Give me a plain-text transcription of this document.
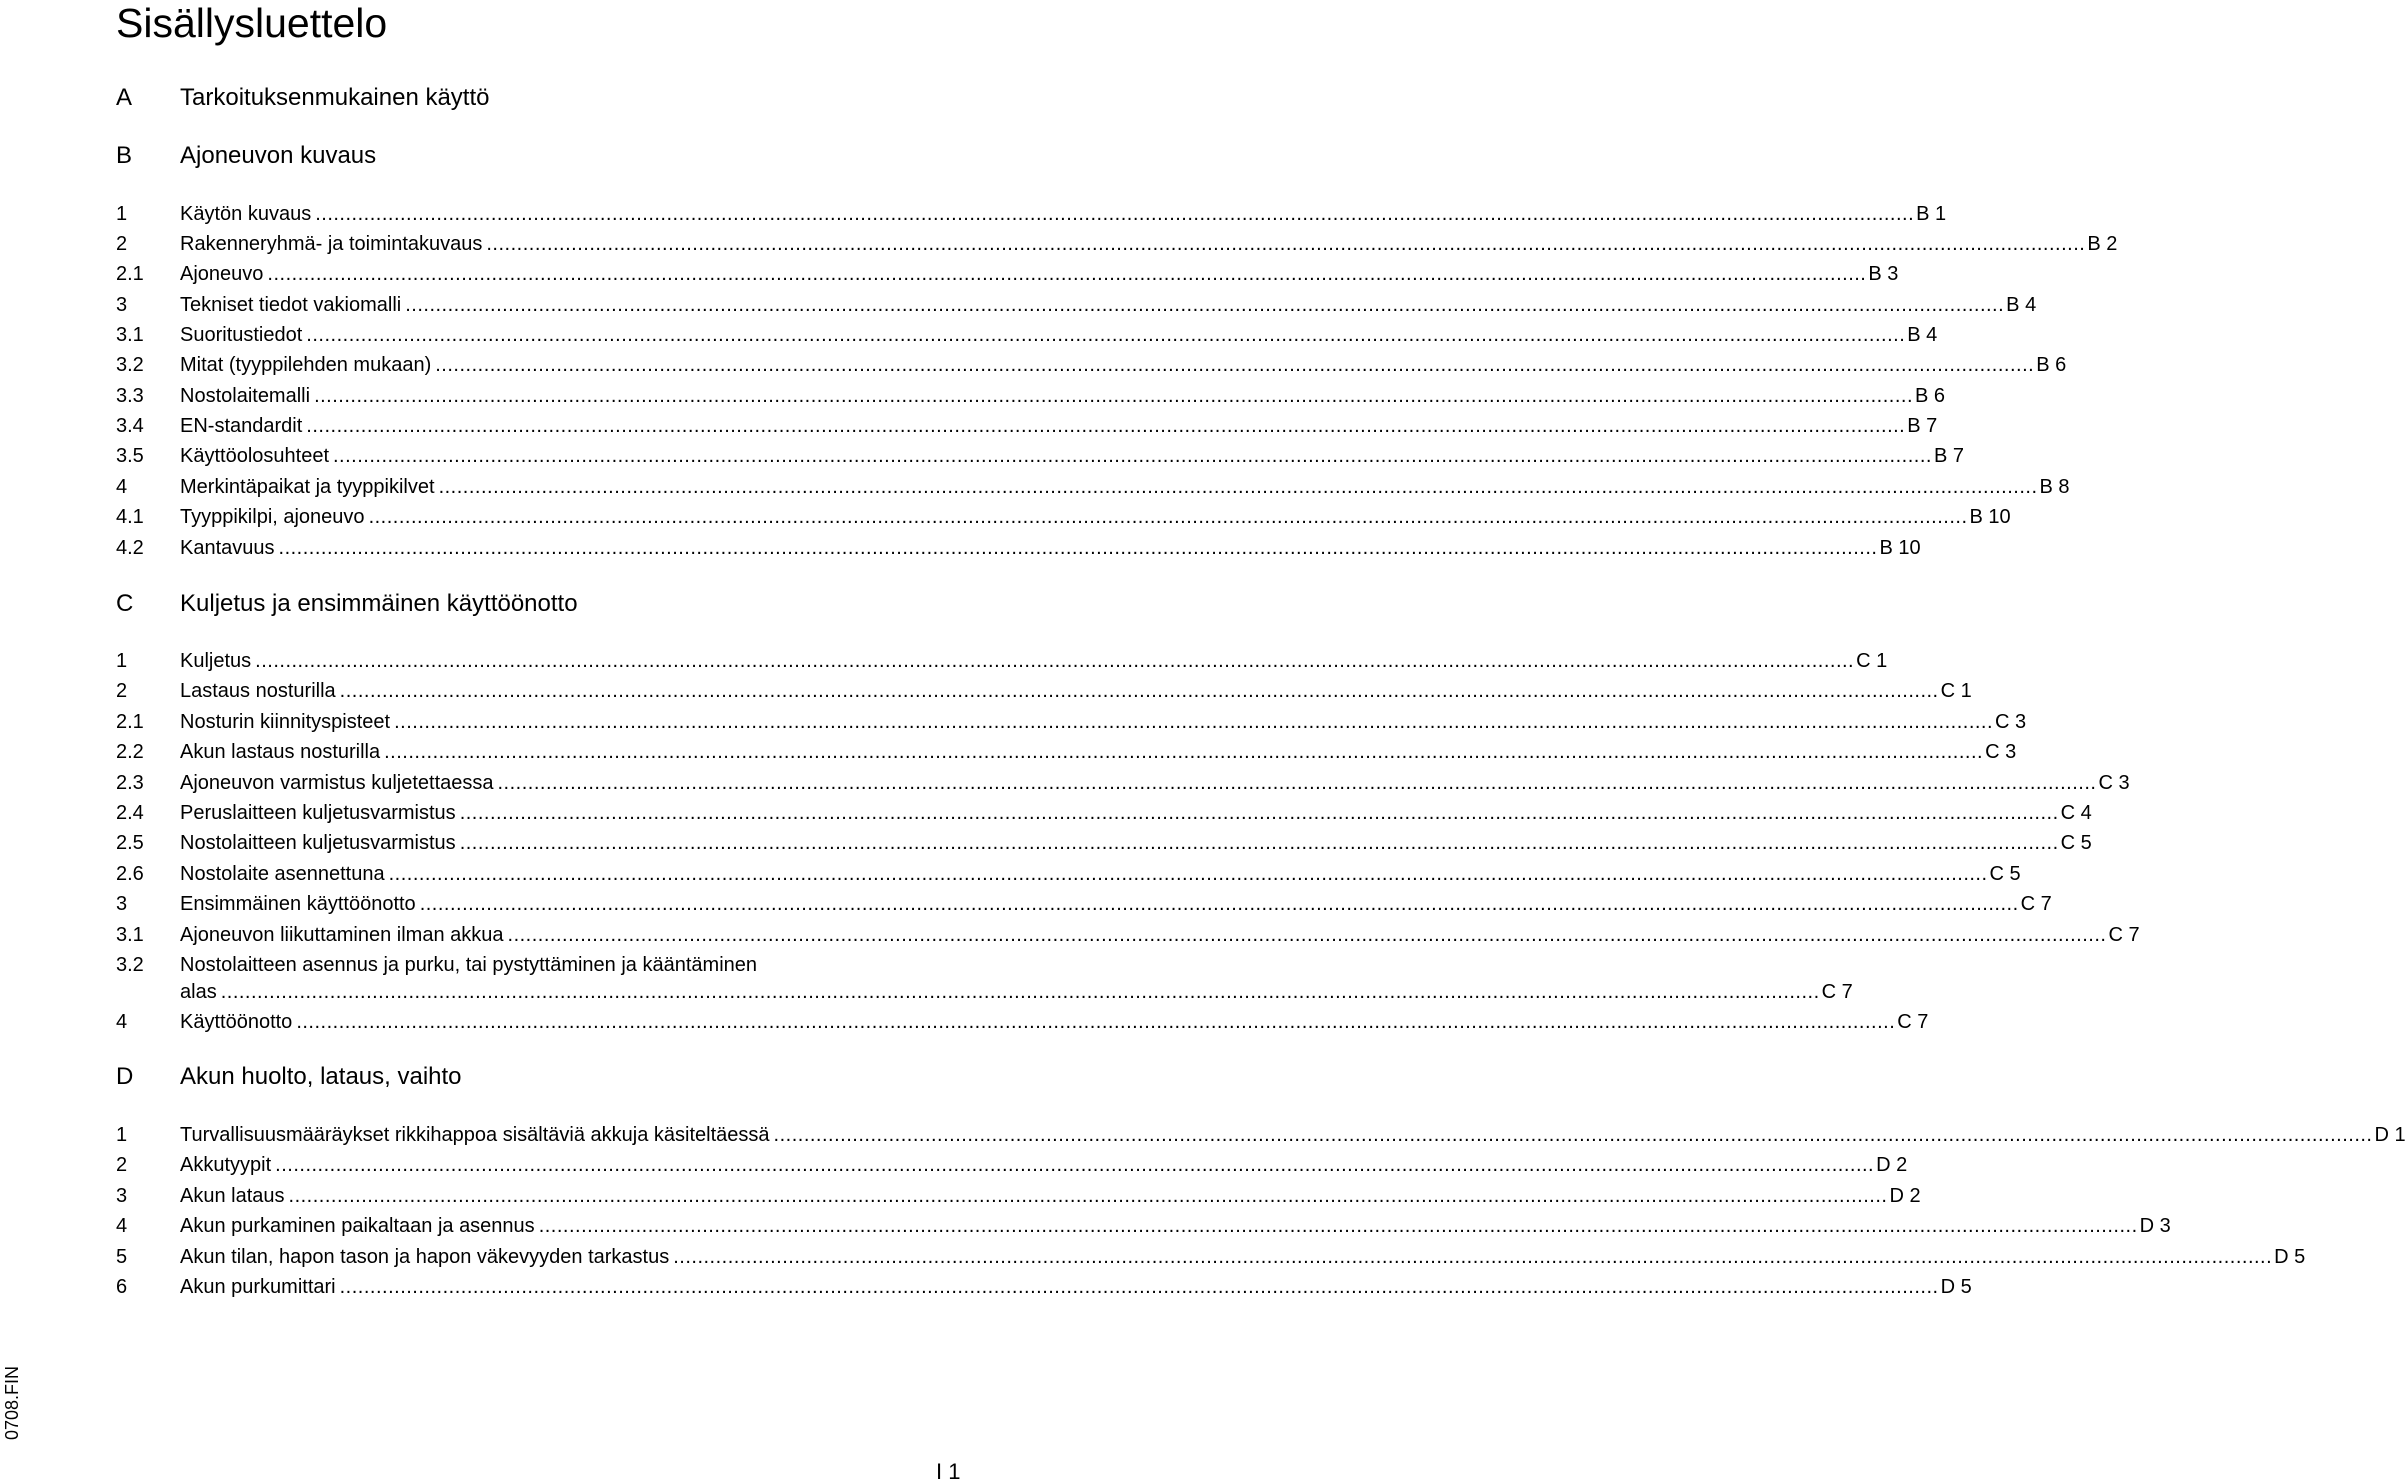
Sisällysluettelo
A Tarkoituksenmukainen käyttö
B Ajoneuvon kuvaus
1	Käytön kuvaus ........................................................................................................................................................................................................................................................................ B 1
2	Rakenneryhmä- ja toimintakuvaus ........................................................................................................................................................................................................................................................................ B 2
2.1 Ajoneuvo ........................................................................................................................................................................................................................................................................ B 3
3	Tekniset tiedot vakiomalli ........................................................................................................................................................................................................................................................................ B 4
3.1 Suoritustiedot ........................................................................................................................................................................................................................................................................ B 4
3.2 Mitat (tyyppilehden mukaan) ........................................................................................................................................................................................................................................................................ B 6
3.3 Nostolaitemalli ........................................................................................................................................................................................................................................................................ B 6
3.4 EN-standardit ........................................................................................................................................................................................................................................................................ B 7
3.5 Käyttöolosuhteet ........................................................................................................................................................................................................................................................................ B 7
4	Merkintäpaikat ja tyyppikilvet ........................................................................................................................................................................................................................................................................ B 8
4.1 Tyyppikilpi, ajoneuvo ........................................................................................................................................................................................................................................................................ B 10
4.2 Kantavuus ........................................................................................................................................................................................................................................................................ B 10
C Kuljetus ja ensimmäinen käyttöönotto
1	Kuljetus ........................................................................................................................................................................................................................................................................ C 1
2	Lastaus nosturilla ........................................................................................................................................................................................................................................................................ C 1
2.1 Nosturin kiinnityspisteet ........................................................................................................................................................................................................................................................................ C 3
2.2 Akun lastaus nosturilla ........................................................................................................................................................................................................................................................................ C 3
2.3 Ajoneuvon varmistus kuljetettaessa ........................................................................................................................................................................................................................................................................ C 3
2.4 Peruslaitteen kuljetusvarmistus ........................................................................................................................................................................................................................................................................ C 4
2.5 Nostolaitteen kuljetusvarmistus ........................................................................................................................................................................................................................................................................ C 5
2.6 Nostolaite asennettuna ........................................................................................................................................................................................................................................................................ C 5
3	Ensimmäinen käyttöönotto ........................................................................................................................................................................................................................................................................ C 7
3.1 Ajoneuvon liikuttaminen ilman akkua ........................................................................................................................................................................................................................................................................ C 7
3.2 Nostolaitteen asennus ja purku, tai pystyttäminen ja kääntäminen
alas ........................................................................................................................................................................................................................................................................ C 7
4	Käyttöönotto ........................................................................................................................................................................................................................................................................ C 7
D Akun huolto, lataus, vaihto
1	Turvallisuusmääräykset rikkihappoa sisältäviä akkuja käsiteltäessä ........................................................................................................................................................................................................................................................................ D 1
2	Akkutyypit ........................................................................................................................................................................................................................................................................ D 2
3	Akun lataus ........................................................................................................................................................................................................................................................................ D 2
4	Akun purkaminen paikaltaan ja asennus ........................................................................................................................................................................................................................................................................ D 3
5	Akun tilan, hapon tason ja hapon väkevyyden tarkastus ........................................................................................................................................................................................................................................................................ D 5
6	Akun purkumittari ........................................................................................................................................................................................................................................................................ D 5
0708.FIN
I 1
